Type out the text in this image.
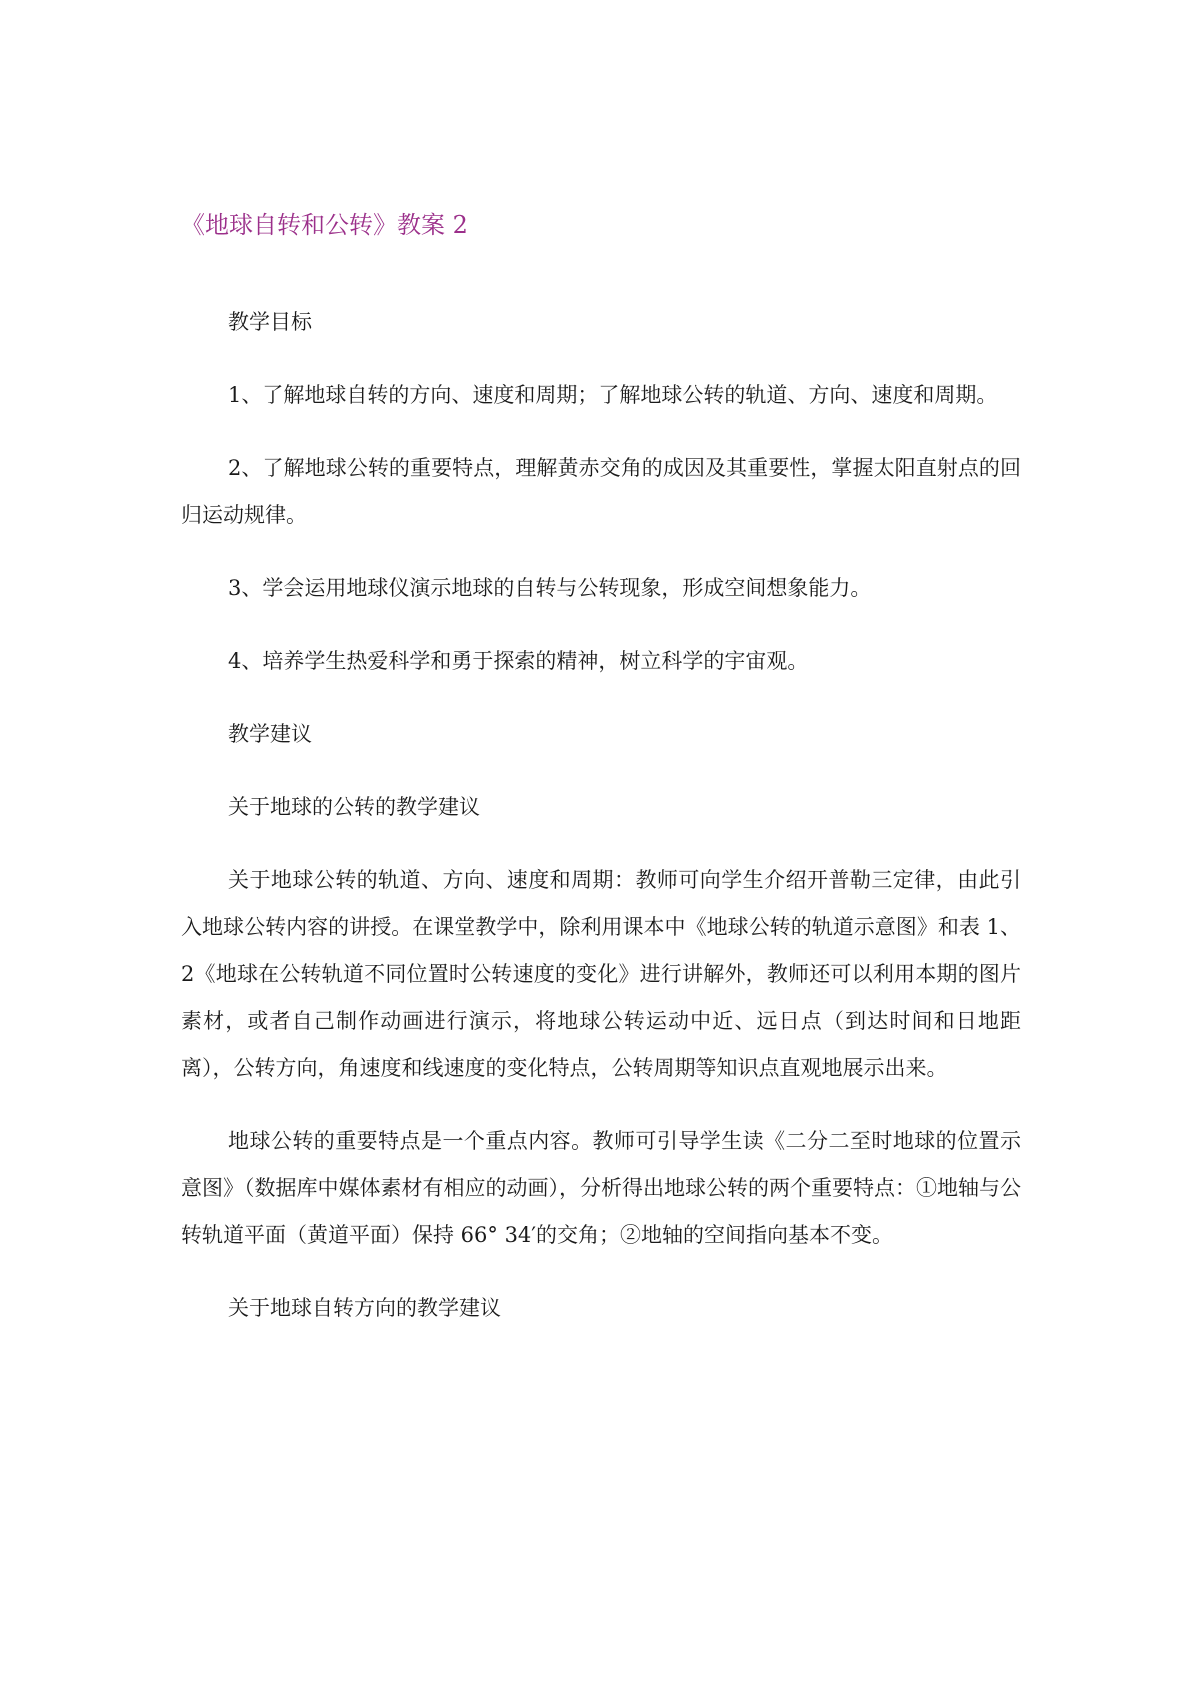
《地球自转和公转》教案 2

教学目标

1、了解地球自转的方向、速度和周期；了解地球公转的轨道、方向、速度和周期。

2、了解地球公转的重要特点，理解黄赤交角的成因及其重要性，掌握太阳直射点的回归运动规律。

3、学会运用地球仪演示地球的自转与公转现象，形成空间想象能力。

4、培养学生热爱科学和勇于探索的精神，树立科学的宇宙观。

教学建议

关于地球的公转的教学建议

关于地球公转的轨道、方向、速度和周期：教师可向学生介绍开普勒三定律，由此引入地球公转内容的讲授。在课堂教学中，除利用课本中《地球公转的轨道示意图》和表 1、2《地球在公转轨道不同位置时公转速度的变化》进行讲解外，教师还可以利用本期的图片素材，或者自己制作动画进行演示，将地球公转运动中近、远日点（到达时间和日地距离），公转方向，角速度和线速度的变化特点，公转周期等知识点直观地展示出来。

地球公转的重要特点是一个重点内容。教师可引导学生读《二分二至时地球的位置示意图》（数据库中媒体素材有相应的动画），分析得出地球公转的两个重要特点：①地轴与公转轨道平面（黄道平面）保持 66° 34′的交角；②地轴的空间指向基本不变。

关于地球自转方向的教学建议
